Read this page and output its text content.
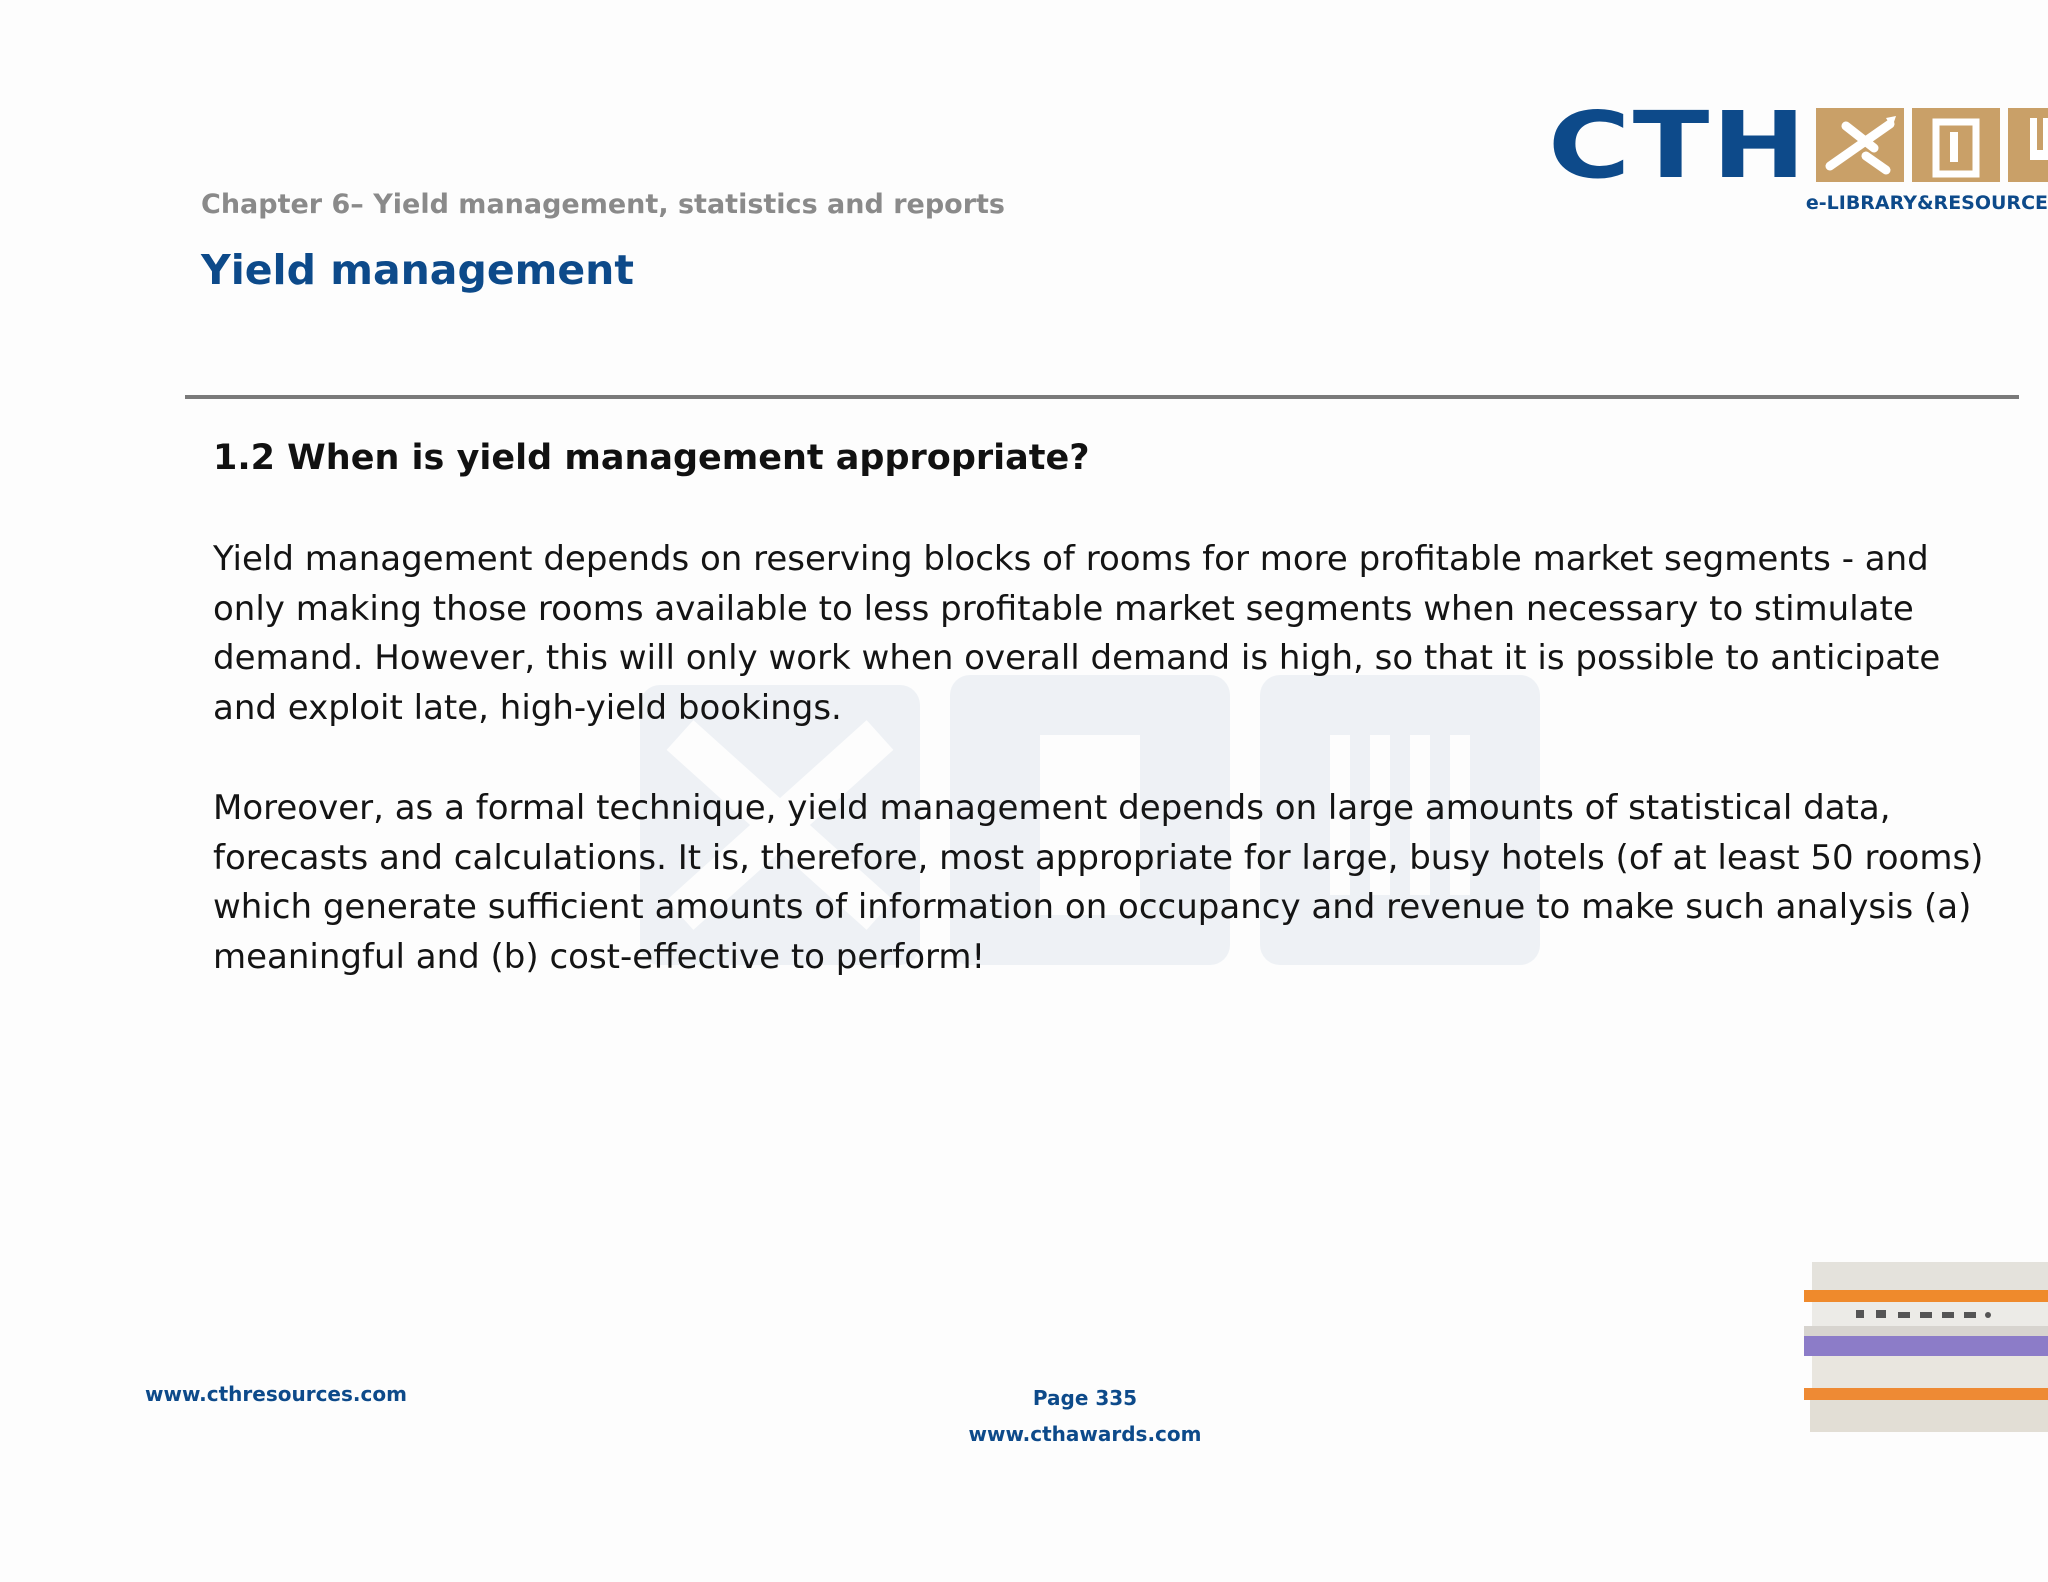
CTH
e-LIBRARY&RESOURCE
Chapter 6– Yield management, statistics and reports
Yield management
1.2 When is yield management appropriate?

Yield management depends on reserving blocks of rooms for more profitable market segments - and only making those rooms available to less profitable market segments when necessary to stimulate demand. However, this will only work when overall demand is high, so that it is possible to anticipate and exploit late, high-yield bookings.

Moreover, as a formal technique, yield management depends on large amounts of statistical data, forecasts and calculations. It is, therefore, most appropriate for large, busy hotels (of at least 50 rooms) which generate sufficient amounts of information on occupancy and revenue to make such analysis (a) meaningful and (b) cost-effective to perform!

www.cthresources.com	Page 335
www.cthawards.com
